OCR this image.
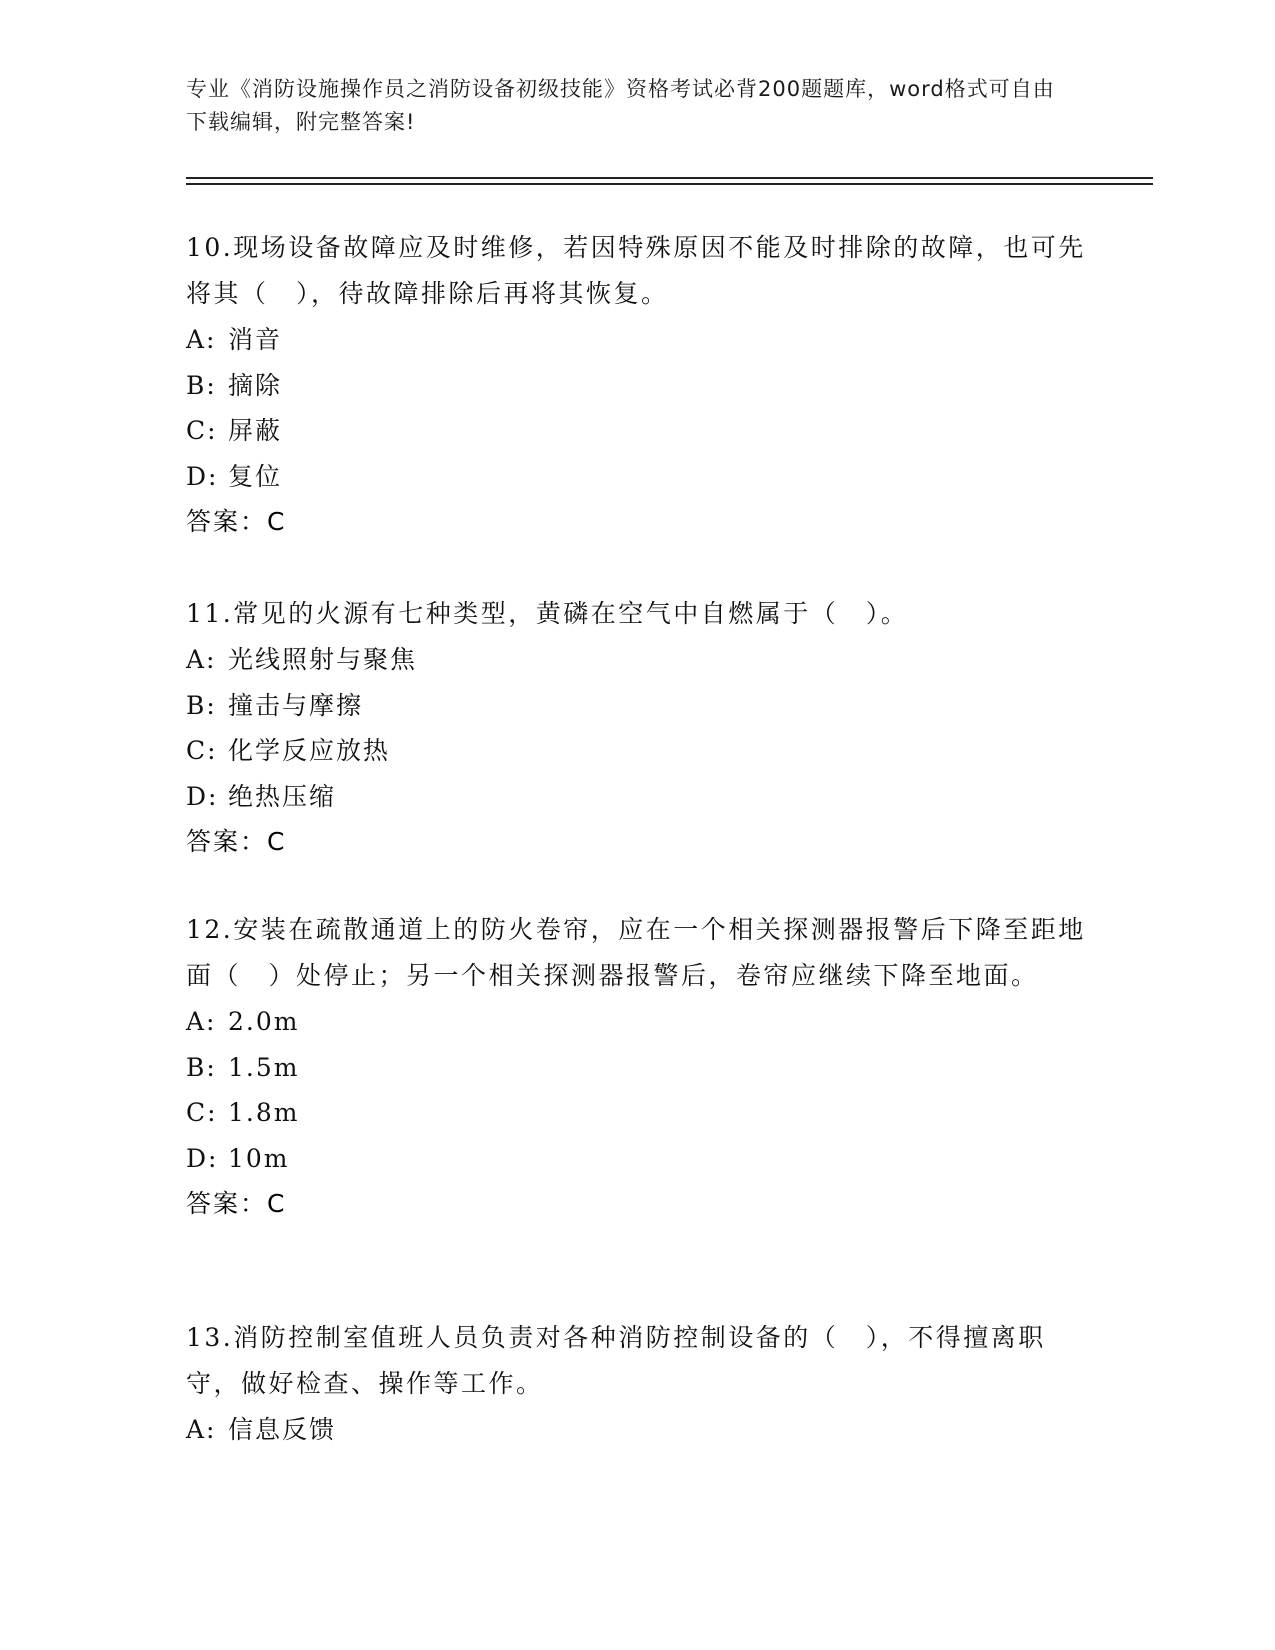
专业《消防设施操作员之消防设备初级技能》资格考试必背200题题库，word格式可自由下载编辑，附完整答案!

10.现场设备故障应及时维修，若因特殊原因不能及时排除的故障，也可先将其（　），待故障排除后再将其恢复。

A: 消音

B: 摘除

C: 屏蔽

D: 复位

答案：C

11.常见的火源有七种类型，黄磷在空气中自燃属于（　）。

A: 光线照射与聚焦

B: 撞击与摩擦

C: 化学反应放热

D: 绝热压缩

答案：C

12.安装在疏散通道上的防火卷帘，应在一个相关探测器报警后下降至距地面（　）处停止；另一个相关探测器报警后，卷帘应继续下降至地面。

A: 2.0m

B: 1.5m

C: 1.8m

D: 10m

答案：C

13.消防控制室值班人员负责对各种消防控制设备的（　），不得擅离职守，做好检查、操作等工作。

A: 信息反馈
